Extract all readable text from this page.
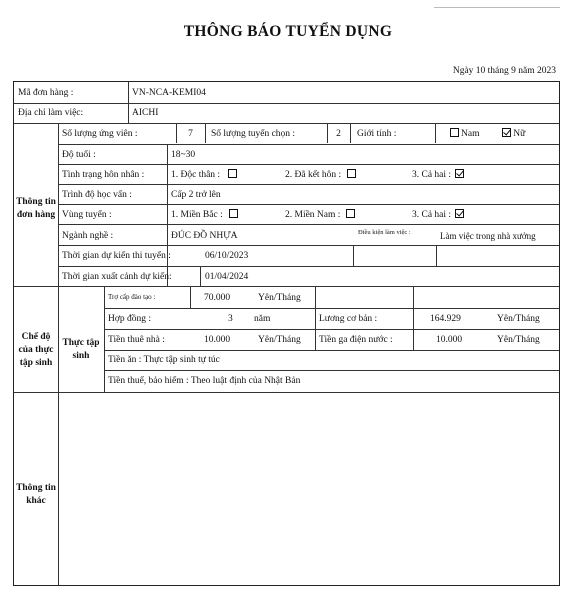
THÔNG BÁO TUYỂN DỤNG
Ngày 10 tháng 9 năm 2023
Mã đơn hàng :	VN-NCA-KEMI04
Địa chỉ làm việc:	AICHI
Thông tin đơn hàng
Số lượng ứng viên :	7	Số lượng tuyển chọn :	2	Giới tính :	Nam	Nữ
Độ tuổi :	18~30
Tình trạng hôn nhân :	1. Độc thân :	2. Đã kết hôn :	3. Cả hai :
Trình độ học vấn :	Cấp 2 trở lên
Vùng tuyển :	1. Miền Bắc :	2. Miền Nam :	3. Cả hai :
Ngành nghề :	ĐÚC ĐỒ NHỰA	Điều kiện làm việc :	Làm việc trong nhà xưởng
Thời gian dự kiến thi tuyển :	06/10/2023
Thời gian xuất cảnh dự kiến:	01/04/2024
Chế độ của thực tập sinh
Thực tập sinh
Trợ cấp đào tạo :	70.000	Yên/Tháng
Hợp đồng :	3 năm	Lương cơ bản :	164.929	Yên/Tháng
Tiền thuê nhà :	10.000	Yên/Tháng Tiền ga điện nước :	10.000	Yên/Tháng
Tiền ăn : Thực tập sinh tự túc
Tiền thuế, bảo hiểm : Theo luật định của Nhật Bản
Thông tin khác
